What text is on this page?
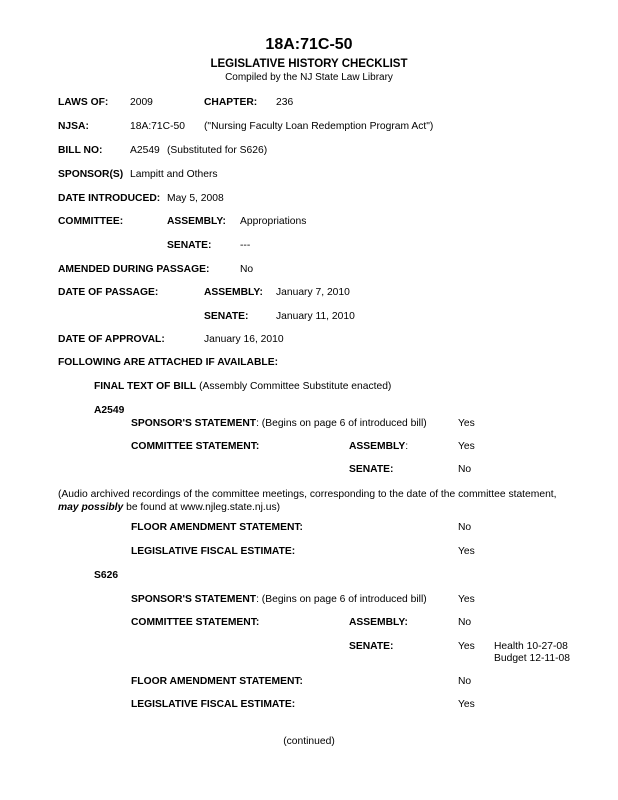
18A:71C-50
LEGISLATIVE HISTORY CHECKLIST
Compiled by the NJ State Law Library
LAWS OF: 2009	CHAPTER: 236
NJSA:	18A:71C-50 ("Nursing Faculty Loan Redemption Program Act")
BILL NO:	A2549 (Substituted for S626)
SPONSOR(S) Lampitt and Others
DATE INTRODUCED: May 5, 2008
COMMITTEE:	ASSEMBLY: Appropriations
SENATE:	---
AMENDED DURING PASSAGE:	No
DATE OF PASSAGE:	ASSEMBLY: January 7, 2010
SENATE:	January 11, 2010
DATE OF APPROVAL:	January 16, 2010
FOLLOWING ARE ATTACHED IF AVAILABLE:
FINAL TEXT OF BILL (Assembly Committee Substitute enacted)
A2549
SPONSOR'S STATEMENT: (Begins on page 6 of introduced bill)	Yes
COMMITTEE STATEMENT:	ASSEMBLY:	Yes
SENATE:	No
(Audio archived recordings of the committee meetings, corresponding to the date of the committee statement, may possibly be found at www.njleg.state.nj.us)
FLOOR AMENDMENT STATEMENT:	No
LEGISLATIVE FISCAL ESTIMATE:	Yes
S626
SPONSOR'S STATEMENT: (Begins on page 6 of introduced bill)	Yes
COMMITTEE STATEMENT:	ASSEMBLY:	No
SENATE:	Yes Health 10-27-08
Budget 12-11-08
FLOOR AMENDMENT STATEMENT:	No
LEGISLATIVE FISCAL ESTIMATE:	Yes
(continued)
